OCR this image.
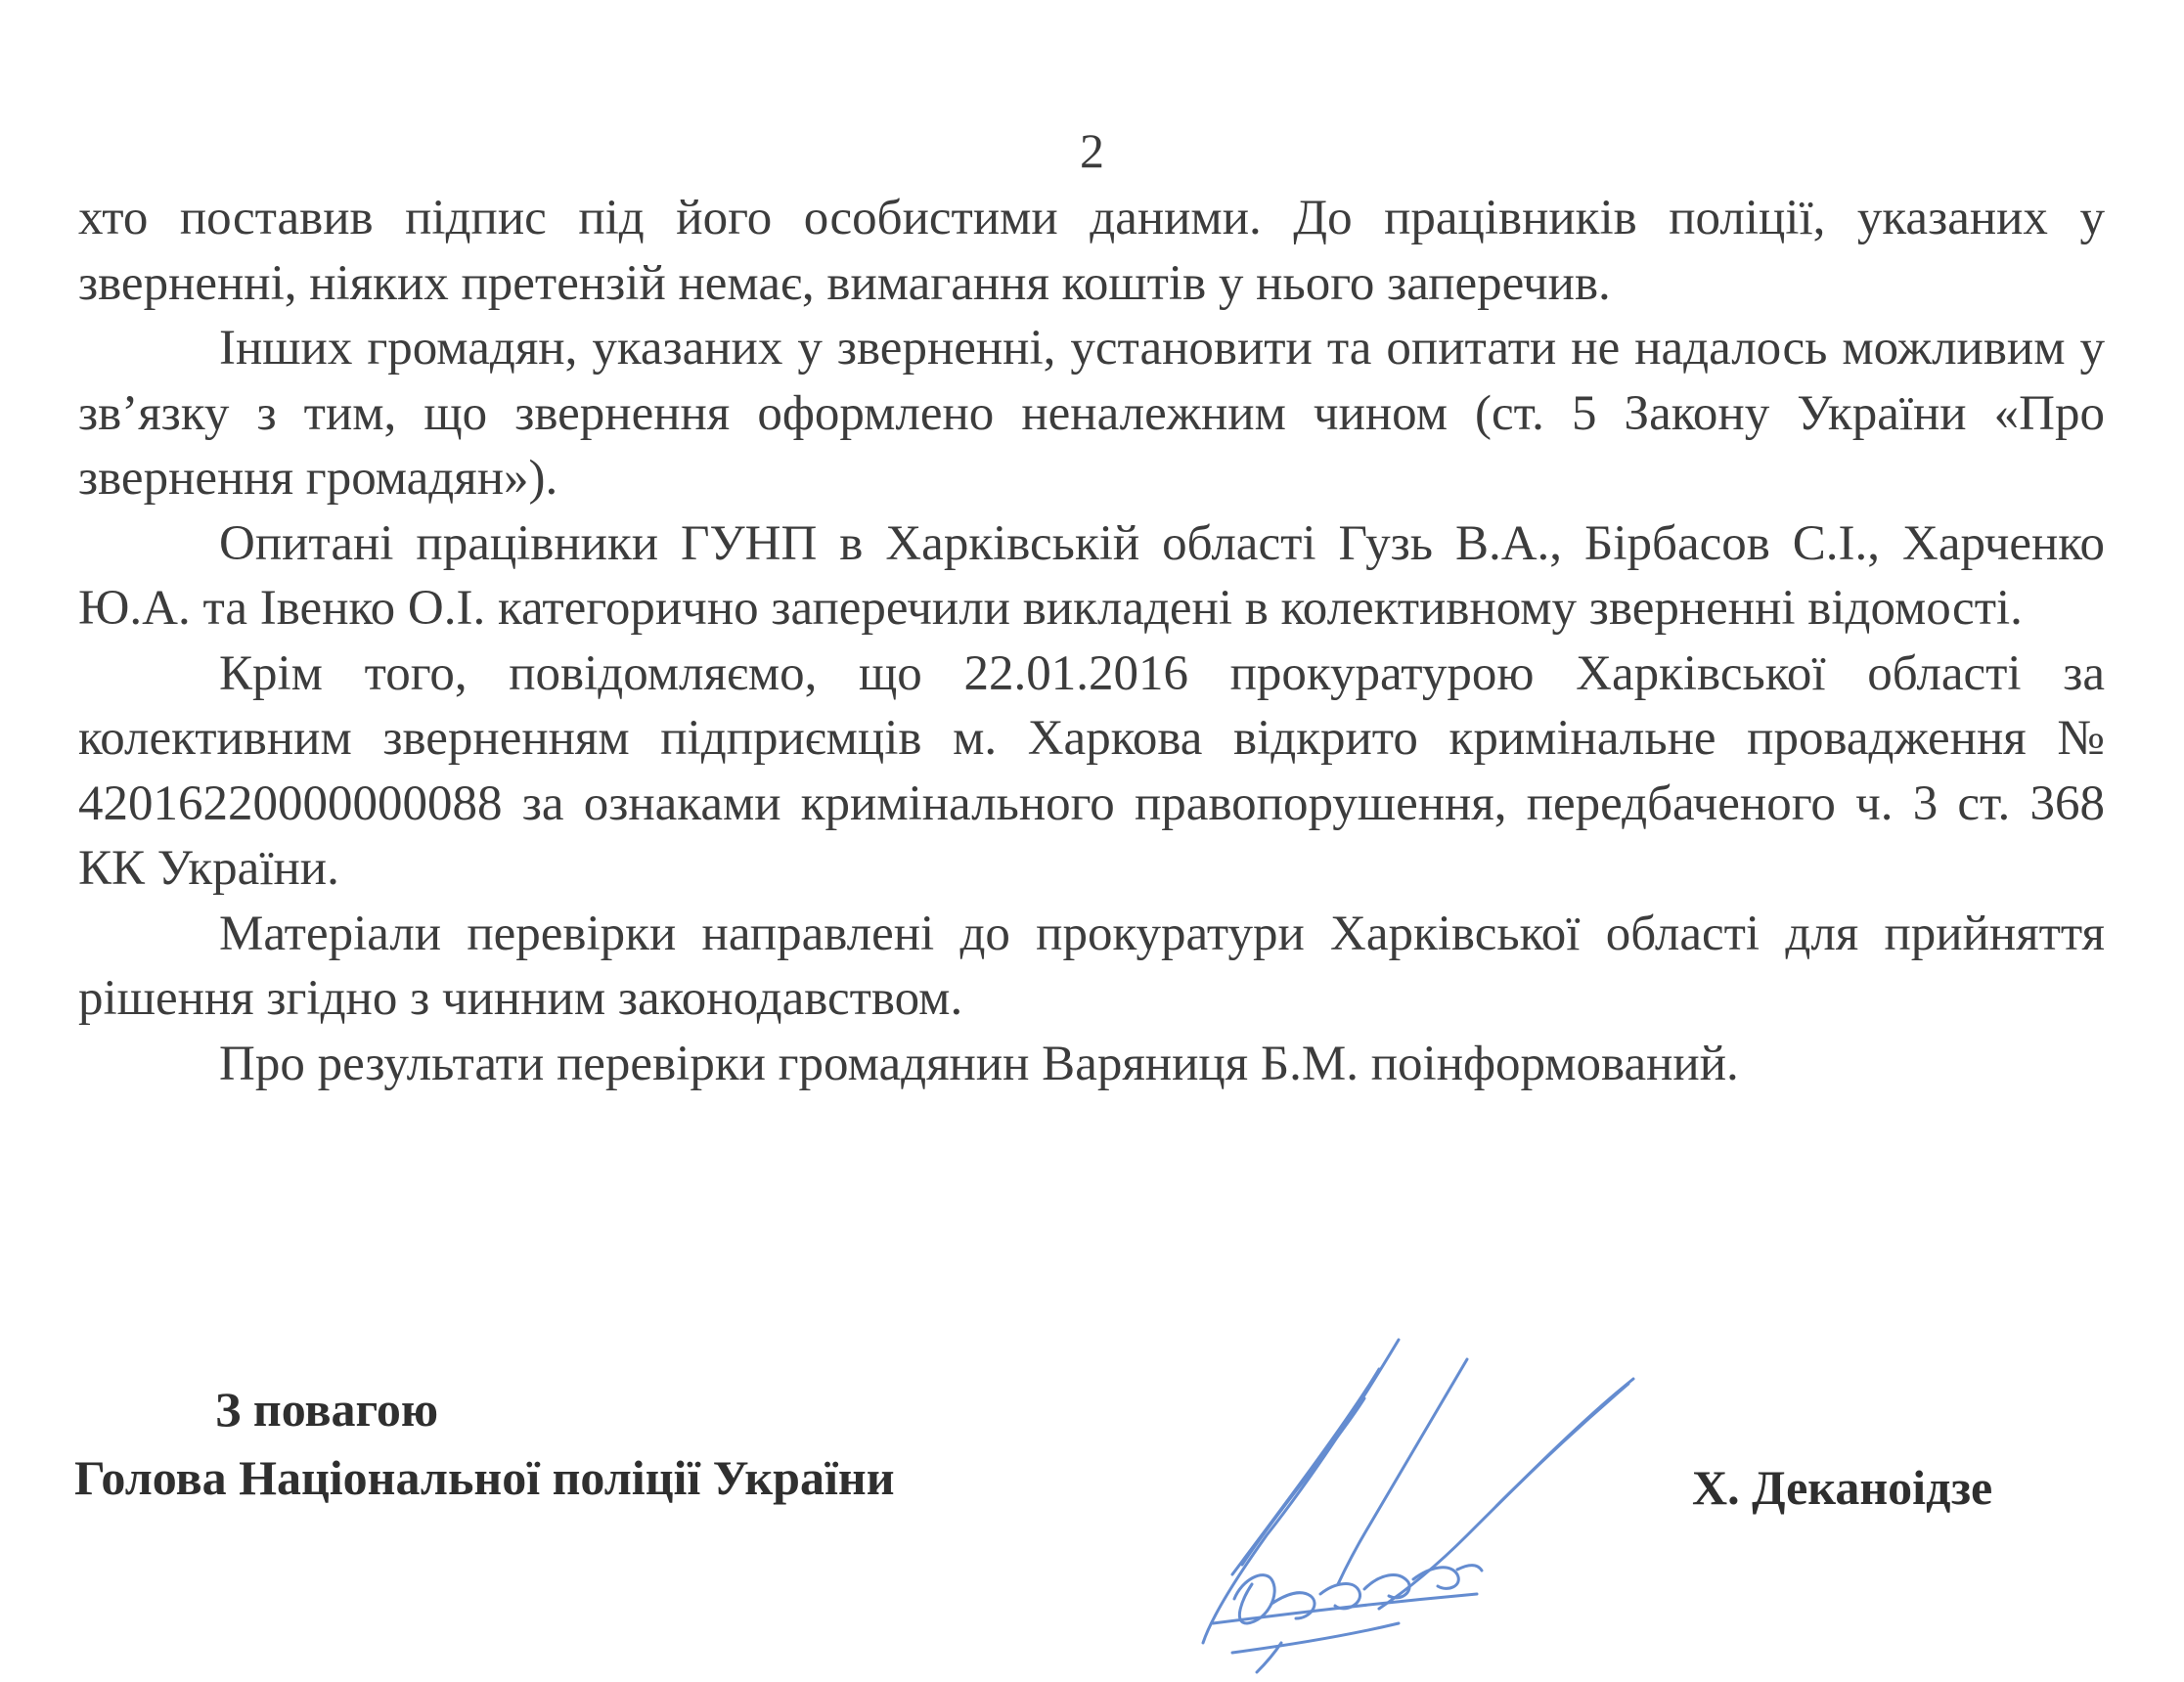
2

хто поставив підпис під його особистими даними. До працівників поліції, указаних у зверненні, ніяких претензій немає, вимагання коштів у нього заперечив.

Інших громадян, указаних у зверненні, установити та опитати не надалось можливим у зв’язку з тим, що звернення оформлено неналежним чином (ст. 5 Закону України «Про звернення громадян»).

Опитані працівники ГУНП в Харківській області Гузь В.А., Бірбасов С.І., Харченко Ю.А. та Івенко О.І. категорично заперечили викладені в колективному зверненні відомості.

Крім того, повідомляємо, що 22.01.2016 прокуратурою Харківської області за колективним зверненням підприємців м. Харкова відкрито кримінальне провадження № 42016220000000088 за ознаками кримінального правопорушення, передбаченого ч. 3 ст. 368 КК України.

Матеріали перевірки направлені до прокуратури Харківської області для прийняття рішення згідно з чинним законодавством.

Про результати перевірки громадянин Варяниця Б.М. поінформований.

З повагою
Голова Національної поліції України	Х. Деканоідзе
